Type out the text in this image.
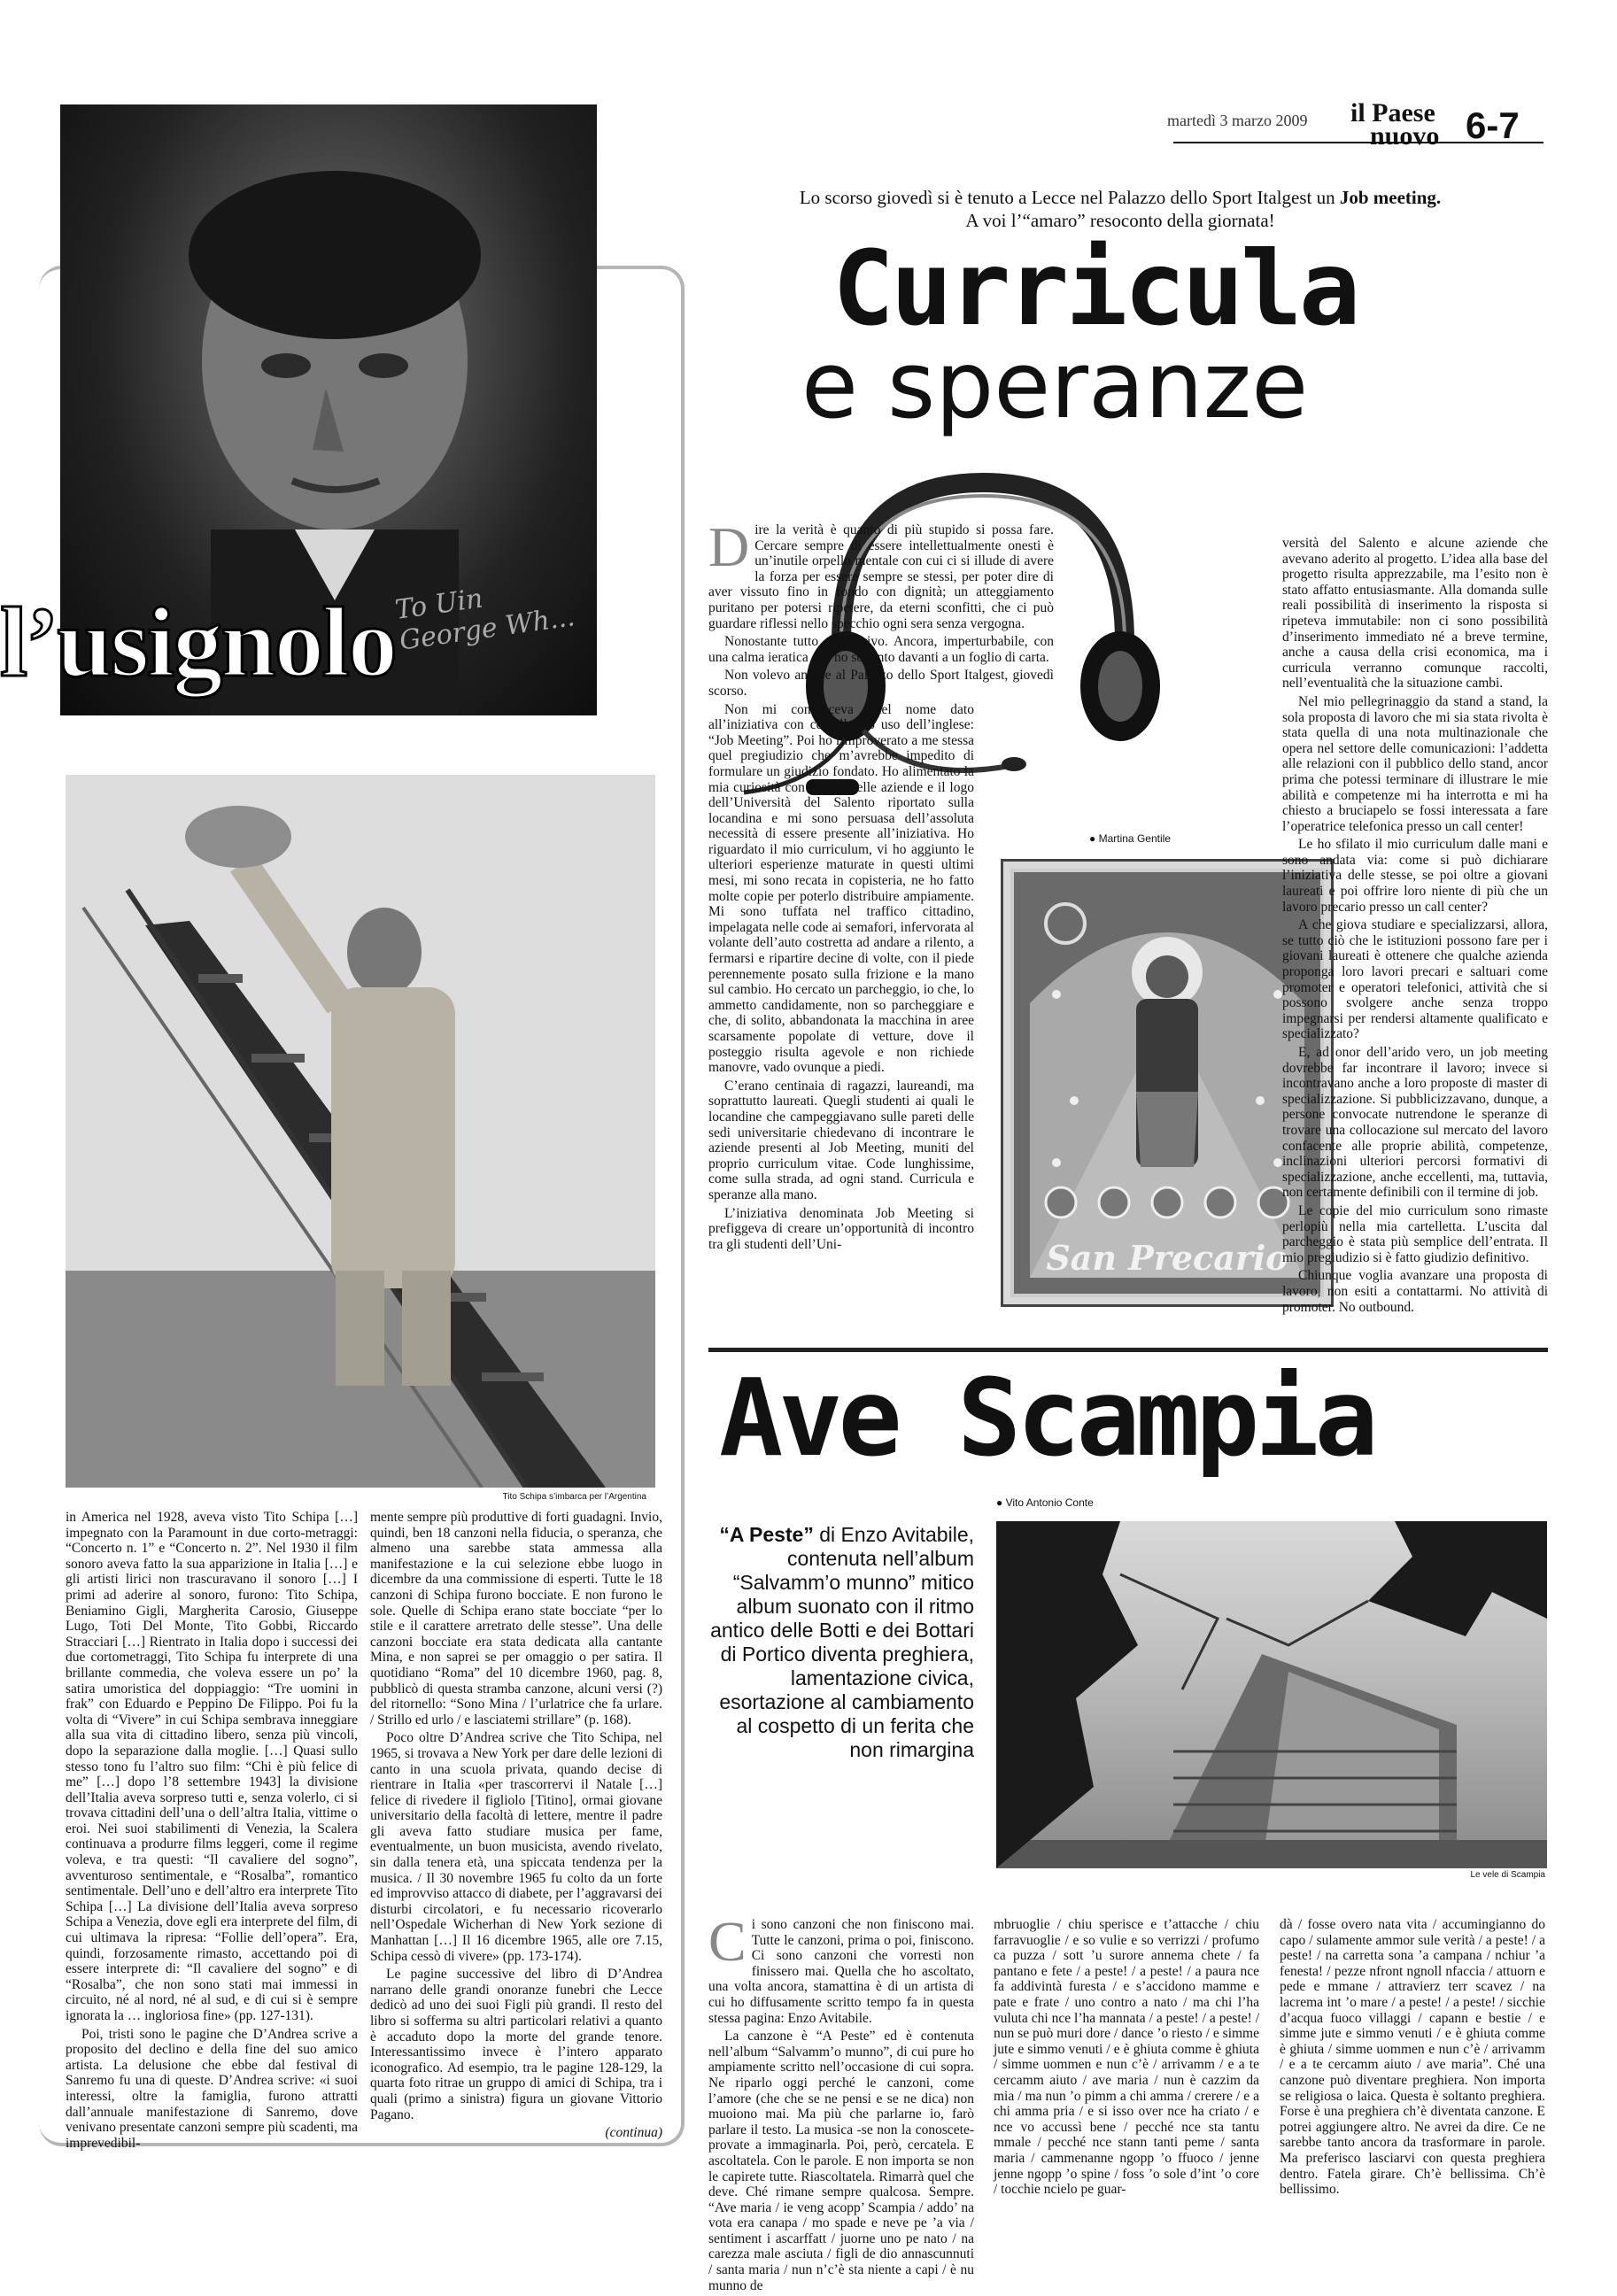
martedì 3 marzo 2009 il Paese
nuovo 6-7
To Uin George Wh...
l’usignolo
Tito Schipa s’imbarca per l’Argentina

in America nel 1928, aveva visto Tito Schipa […] impegnato con la Paramount in due corto-metraggi: “Concerto n. 1” e “Concerto n. 2”. Nel 1930 il film sonoro aveva fatto la sua apparizione in Italia […] e gli artisti lirici non trascuravano il sonoro […] I primi ad aderire al sonoro, furono: Tito Schipa, Beniamino Gigli, Margherita Carosio, Giuseppe Lugo, Toti Del Monte, Tito Gobbi, Riccardo Stracciari […] Rientrato in Italia dopo i successi dei due cortometraggi, Tito Schipa fu interprete di una brillante commedia, che voleva essere un po’ la satira umoristica del doppiaggio: “Tre uomini in frak” con Eduardo e Peppino De Filippo. Poi fu la volta di “Vivere” in cui Schipa sembrava inneggiare alla sua vita di cittadino libero, senza più vincoli, dopo la separazione dalla moglie. […] Quasi sullo stesso tono fu l’altro suo film: “Chi è più felice di me” […] dopo l’8 settembre 1943] la divisione dell’Italia aveva sorpreso tutti e, senza volerlo, ci si trovava cittadini dell’una o dell’altra Italia, vittime o eroi. Nei suoi stabilimenti di Venezia, la Scalera continuava a produrre films leggeri, come il regime voleva, e tra questi: “Il cavaliere del sogno”, avventuroso sentimentale, e “Rosalba”, romantico sentimentale. Dell’uno e dell’altro era interprete Tito Schipa […] La divisione dell’Italia aveva sorpreso Schipa a Venezia, dove egli era interprete del film, di cui ultimava la ripresa: “Follie dell’opera”. Era, quindi, forzosamente rimasto, accettando poi di essere interprete di: “Il cavaliere del sogno” e di “Rosalba”, che non sono stati mai immessi in circuito, né al nord, né al sud, e di cui si è sempre ignorata la … ingloriosa fine» (pp. 127-131).

Poi, tristi sono le pagine che D’Andrea scrive a proposito del declino e della fine del suo amico artista. La delusione che ebbe dal festival di Sanremo fu una di queste. D’Andrea scrive: «i suoi interessi, oltre la famiglia, furono attratti dall’annuale manifestazione di Sanremo, dove venivano presentate canzoni sempre più scadenti, ma imprevedibil-

mente sempre più produttive di forti guadagni. Invio, quindi, ben 18 canzoni nella fiducia, o speranza, che almeno una sarebbe stata ammessa alla manifestazione e la cui selezione ebbe luogo in dicembre da una commissione di esperti. Tutte le 18 canzoni di Schipa furono bocciate. E non furono le sole. Quelle di Schipa erano state bocciate “per lo stile e il carattere arretrato delle stesse”. Una delle canzoni bocciate era stata dedicata alla cantante Mina, e non saprei se per omaggio o per satira. Il quotidiano “Roma” del 10 dicembre 1960, pag. 8, pubblicò di questa stramba canzone, alcuni versi (?) del ritornello: “Sono Mina / l’urlatrice che fa urlare. / Strillo ed urlo / e lasciatemi strillare” (p. 168).

Poco oltre D’Andrea scrive che Tito Schipa, nel 1965, si trovava a New York per dare delle lezioni di canto in una scuola privata, quando decise di rientrare in Italia «per trascorrervi il Natale […] felice di rivedere il figliolo [Titino], ormai giovane universitario della facoltà di lettere, mentre il padre gli aveva fatto studiare musica per fame, eventualmente, un buon musicista, avendo rivelato, sin dalla tenera età, una spiccata tendenza per la musica. / Il 30 novembre 1965 fu colto da un forte ed improvviso attacco di diabete, per l’aggravarsi dei disturbi circolatori, e fu necessario ricoverarlo nell’Ospedale Wicherhan di New York sezione di Manhattan […] Il 16 dicembre 1965, alle ore 7.15, Schipa cessò di vivere» (pp. 173-174).

Le pagine successive del libro di D’Andrea narrano delle grandi onoranze funebri che Lecce dedicò ad uno dei suoi Figli più grandi. Il resto del libro si sofferma su altri particolari relativi a quanto è accaduto dopo la morte del grande tenore. Interessantissimo invece è l’intero apparato iconografico. Ad esempio, tra le pagine 128-129, la quarta foto ritrae un gruppo di amici di Schipa, tra i quali (primo a sinistra) figura un giovane Vittorio Pagano.

(continua)
Lo scorso giovedì si è tenuto a Lecce nel Palazzo dello Sport Italgest un Job meeting. A voi l’“amaro” resoconto della giornata!
Curricula
e speranze
● Martina Gentile
San Precario
D ire la verità è quanto di più stupido si possa fare. Cercare sempre di essere intellettualmente onesti è un’inutile orpello mentale con cui ci si illude di avere la forza per essere sempre se stessi, per poter dire di aver vissuto fino in fondo con dignità; un atteggiamento puritano per potersi ripetere, da eterni sconfitti, che ci può guardare riflessi nello specchio ogni sera senza vergogna.

Nonostante tutto ciò, scrivo. Ancora, imperturbabile, con una calma ieratica che ho soltanto davanti a un foglio di carta.

Non volevo andare al Palazzo dello Sport Italgest, giovedì scorso.

Non mi convinceva quel nome dato all’iniziativa con cervellotico uso dell’inglese: “Job Meeting”. Poi ho rimproverato a me stessa quel pregiudizio che m’avrebbe impedito di formulare un giudizio fondato. Ho alimentato la mia curiosità con i nomi delle aziende e il logo dell’Università del Salento riportato sulla locandina e mi sono persuasa dell’assoluta necessità di essere presente all’iniziativa. Ho riguardato il mio curriculum, vi ho aggiunto le ulteriori esperienze maturate in questi ultimi mesi, mi sono recata in copisteria, ne ho fatto molte copie per poterlo distribuire ampiamente. Mi sono tuffata nel traffico cittadino, impelagata nelle code ai semafori, infervorata al volante dell’auto costretta ad andare a rilento, a fermarsi e ripartire decine di volte, con il piede perennemente posato sulla frizione e la mano sul cambio. Ho cercato un parcheggio, io che, lo ammetto candidamente, non so parcheggiare e che, di solito, abbandonata la macchina in aree scarsamente popolate di vetture, dove il posteggio risulta agevole e non richiede manovre, vado ovunque a piedi.

C’erano centinaia di ragazzi, laureandi, ma soprattutto laureati. Quegli studenti ai quali le locandine che campeggiavano sulle pareti delle sedi universitarie chiedevano di incontrare le aziende presenti al Job Meeting, muniti del proprio curriculum vitae. Code lunghissime, come sulla strada, ad ogni stand. Curricula e speranze alla mano.

L’iniziativa denominata Job Meeting si prefiggeva di creare un’opportunità di incontro tra gli studenti dell’Uni-

versità del Salento e alcune aziende che avevano aderito al progetto. L’idea alla base del progetto risulta apprezzabile, ma l’esito non è stato affatto entusiasmante. Alla domanda sulle reali possibilità di inserimento la risposta si ripeteva immutabile: non ci sono possibilità d’inserimento immediato né a breve termine, anche a causa della crisi economica, ma i curricula verranno comunque raccolti, nell’eventualità che la situazione cambi.

Nel mio pellegrinaggio da stand a stand, la sola proposta di lavoro che mi sia stata rivolta è stata quella di una nota multinazionale che opera nel settore delle comunicazioni: l’addetta alle relazioni con il pubblico dello stand, ancor prima che potessi terminare di illustrare le mie abilità e competenze mi ha interrotta e mi ha chiesto a bruciapelo se fossi interessata a fare l’operatrice telefonica presso un call center!

Le ho sfilato il mio curriculum dalle mani e sono andata via: come si può dichiarare l’iniziativa delle stesse, se poi oltre a giovani laureati e poi offrire loro niente di più che un lavoro precario presso un call center?

A che giova studiare e specializzarsi, allora, se tutto ciò che le istituzioni possono fare per i giovani laureati è ottenere che qualche azienda proponga loro lavori precari e saltuari come promoter e operatori telefonici, attività che si possono svolgere anche senza troppo impegnarsi per rendersi altamente qualificato e specializzato?

E, ad onor dell’arido vero, un job meeting dovrebbe far incontrare il lavoro; invece si incontravano anche a loro proposte di master di specializzazione. Si pubblicizzavano, dunque, a persone convocate nutrendone le speranze di trovare una collocazione sul mercato del lavoro confacente alle proprie abilità, competenze, inclinazioni ulteriori percorsi formativi di specializzazione, anche eccellenti, ma, tuttavia, non certamente definibili con il termine di job.

Le copie del mio curriculum sono rimaste perlopiù nella mia cartelletta. L’uscita dal parcheggio è stata più semplice dell’entrata. Il mio pregiudizio si è fatto giudizio definitivo.

Chiunque voglia avanzare una proposta di lavoro, non esiti a contattarmi. No attività di promoter. No outbound.

Ave Scampia
● Vito Antonio Conte
“A Peste” di Enzo Avitabile, contenuta nell’album “Salvamm’o munno” mitico album suonato con il ritmo antico delle Botti e dei Bottari di Portico diventa preghiera, lamentazione civica, esortazione al cambiamento al cospetto di un ferita che non rimargina
Le vele di Scampia
C i sono canzoni che non finiscono mai. Tutte le canzoni, prima o poi, finiscono. Ci sono canzoni che vorresti non finissero mai. Quella che ho ascoltato, una volta ancora, stamattina è di un artista di cui ho diffusamente scritto tempo fa in questa stessa pagina: Enzo Avitabile.

La canzone è “A Peste” ed è contenuta nell’album “Salvamm’o munno”, di cui pure ho ampiamente scritto nell’occasione di cui sopra. Ne riparlo oggi perché le canzoni, come l’amore (che che se ne pensi e se ne dica) non muoiono mai. Ma più che parlarne io, farò parlare il testo. La musica -se non la conoscete- provate a immaginarla. Poi, però, cercatela. E ascoltatela. Con le parole. E non importa se non le capirete tutte. Riascoltatela. Rimarrà quel che deve. Ché rimane sempre qualcosa. Sempre. “Ave maria / ie veng acopp’ Scampia / addo’ na vota era canapa / mo spade e neve pe ’a via / sentiment i ascarffatt / juorne uno pe nato / na carezza male asciuta / figli de dio annascunnuti / santa maria / nun n’c’è sta niente a capi / è nu munno de

mbruoglie / chiu sperisce e t’attacche / chiu farravuoglie / e so vulie e so verrizzi / profumo ca puzza / sott ’u surore annema chete / fa pantano e fete / a peste! / a peste! / a paura nce fa addivintà furesta / e s’accidono mamme e pate e frate / uno contro a nato / ma chi l’ha vuluta chi nce l’ha mannata / a peste! / a peste! / nun se può muri dore / dance ’o riesto / e simme jute e simmo venuti / e è ghiuta comme è ghiuta / simme uommen e nun c’è / arrivamm / e a te cercamm aiuto / ave maria / nun è cazzim da mia / ma nun ’o pimm a chi amma / crerere / e a chi amma pria / e si isso over nce ha criato / e nce vo accussì bene / pecché nce sta tantu mmale / pecché nce stann tanti peme / santa maria / cammenanne ngopp ’o ffuoco / jenne jenne ngopp ’o spine / foss ’o sole d’int ’o core / tocchie ncielo pe guar-

dà / fosse overo nata vita / accumingianno do capo / sulamente ammor sule verità / a peste! / a peste! / na carretta sona ’a campana / nchiur ’a fenesta! / pezze nfront ngnoll nfaccia / attuorn e pede e mmane / attravierz terr scavez / na lacrema int ’o mare / a peste! / a peste! / sicchie d’acqua fuoco villaggi / capann e bestie / e simme jute e simmo venuti / e è ghiuta comme è ghiuta / simme uommen e nun c’è / arrivamm / e a te cercamm aiuto / ave maria”. Ché una canzone può diventare preghiera. Non importa se religiosa o laica. Questa è soltanto preghiera. Forse è una preghiera ch’è diventata canzone. E potrei aggiungere altro. Ne avrei da dire. Ce ne sarebbe tanto ancora da trasformare in parole. Ma preferisco lasciarvi con questa preghiera dentro. Fatela girare. Ch’è bellissima. Ch’è bellissimo.
